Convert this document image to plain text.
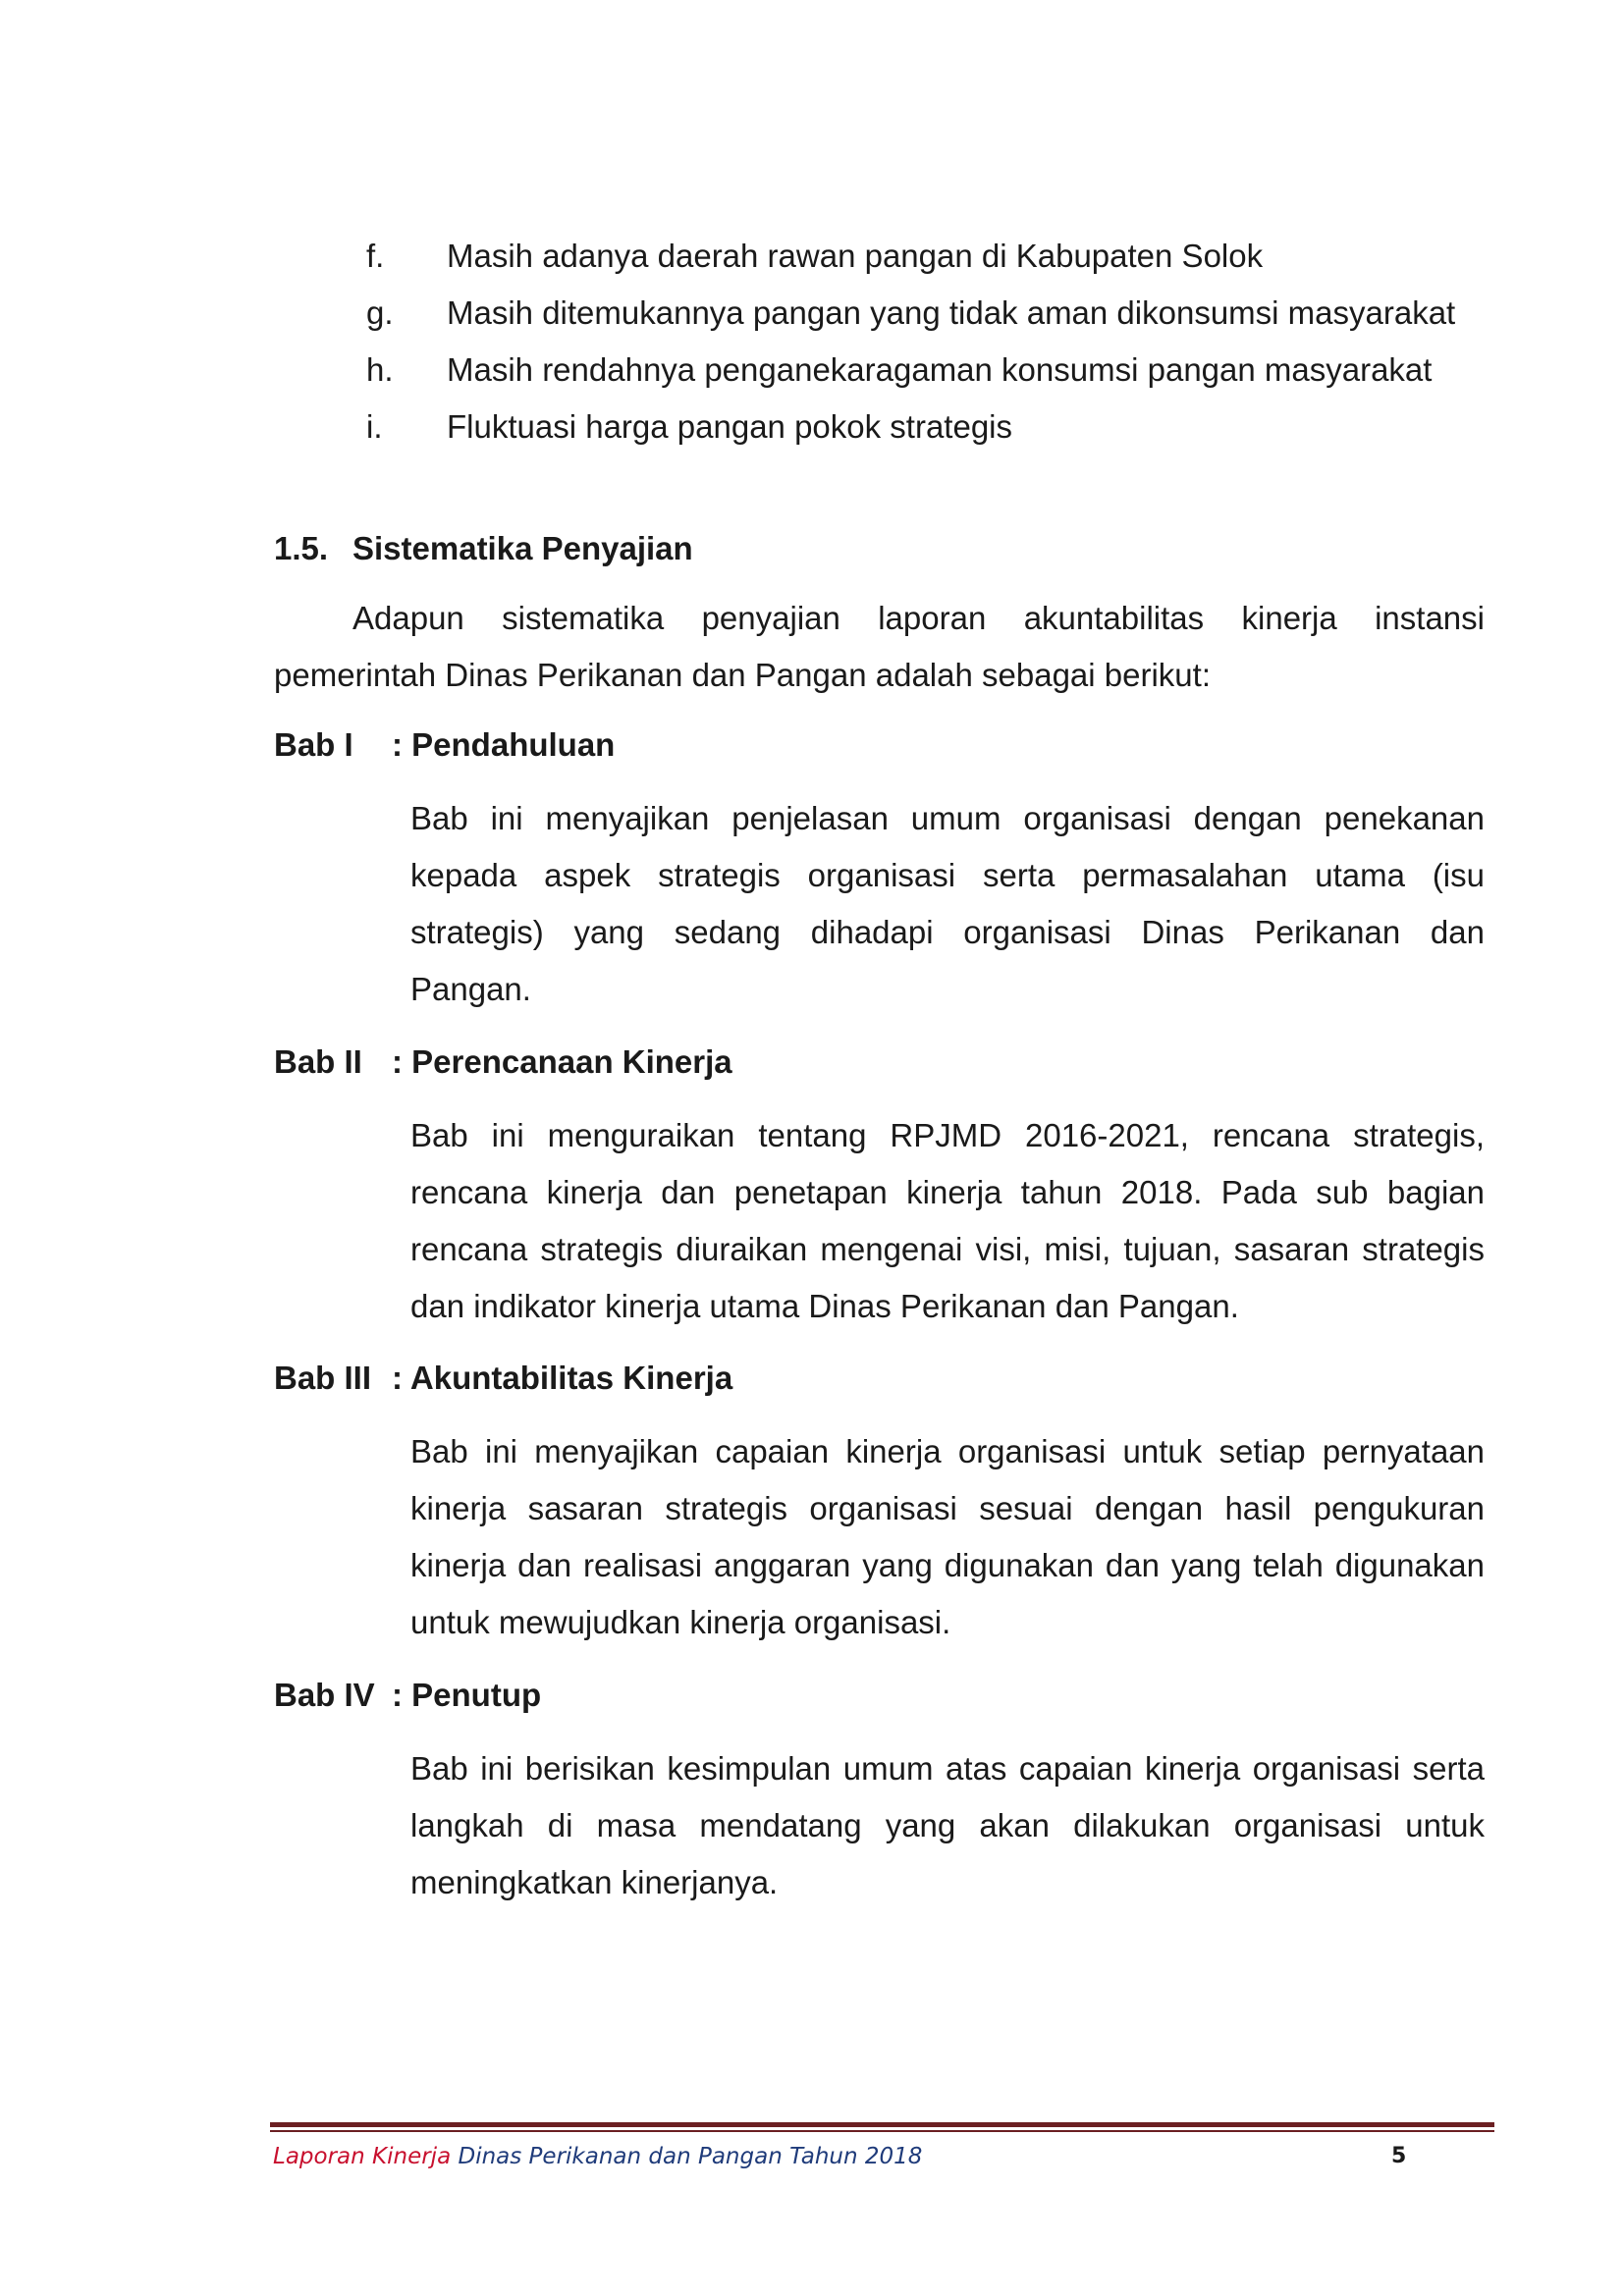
f.	Masih adanya daerah rawan pangan di Kabupaten Solok
g.	Masih ditemukannya pangan yang tidak aman dikonsumsi masyarakat
h.	Masih rendahnya penganekaragaman konsumsi pangan masyarakat
i.	Fluktuasi harga pangan pokok strategis
1.5. Sistematika Penyajian
Adapun sistematika penyajian laporan akuntabilitas kinerja instansi
pemerintah Dinas Perikanan dan Pangan adalah sebagai berikut:
Bab I	: Pendahuluan
Bab ini menyajikan penjelasan umum organisasi dengan penekanan
kepada aspek strategis organisasi serta permasalahan utama (isu
strategis) yang sedang dihadapi organisasi Dinas Perikanan dan
Pangan.
Bab II : Perencanaan Kinerja
Bab ini menguraikan tentang RPJMD 2016-2021, rencana strategis,
rencana kinerja dan penetapan kinerja tahun 2018. Pada sub bagian
rencana strategis diuraikan mengenai visi, misi, tujuan, sasaran strategis
dan indikator kinerja utama Dinas Perikanan dan Pangan.
Bab III : Akuntabilitas Kinerja
Bab ini menyajikan capaian kinerja organisasi untuk setiap pernyataan
kinerja sasaran strategis organisasi sesuai dengan hasil pengukuran
kinerja dan realisasi anggaran yang digunakan dan yang telah digunakan
untuk mewujudkan kinerja organisasi.
Bab IV : Penutup
Bab ini berisikan kesimpulan umum atas capaian kinerja organisasi serta
langkah di masa mendatang yang akan dilakukan organisasi untuk
meningkatkan kinerjanya.
Laporan Kinerja Dinas Perikanan dan Pangan Tahun 2018	5
